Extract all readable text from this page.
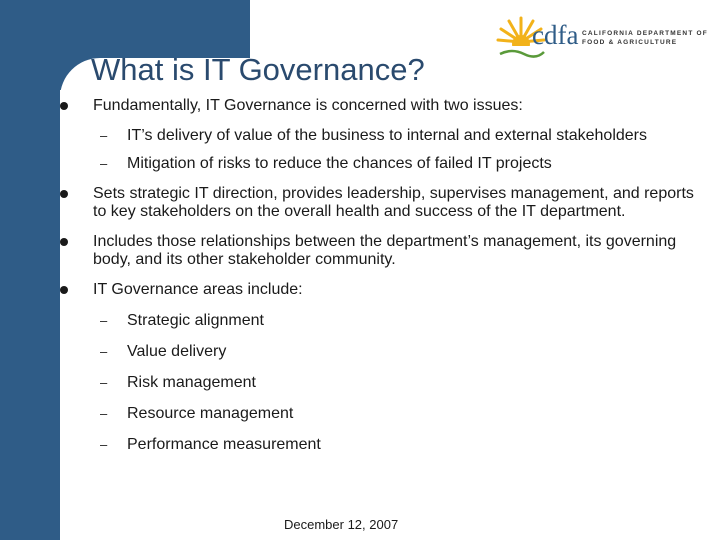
What is IT Governance?
cdfa CALIFORNIA DEPARTMENT OF
FOOD & AGRICULTURE
Fundamentally, IT Governance is concerned with two issues:
– IT’s delivery of value of the business to internal and external stakeholders
– Mitigation of risks to reduce the chances of failed IT projects
Sets strategic IT direction, provides leadership, supervises management, and reports to key stakeholders on the overall health and success of the IT department.
Includes those relationships between the department’s management, its governing body, and its other stakeholder community.
IT Governance areas include:
– Strategic alignment
– Value delivery
– Risk management
– Resource management
– Performance measurement
December 12, 2007
